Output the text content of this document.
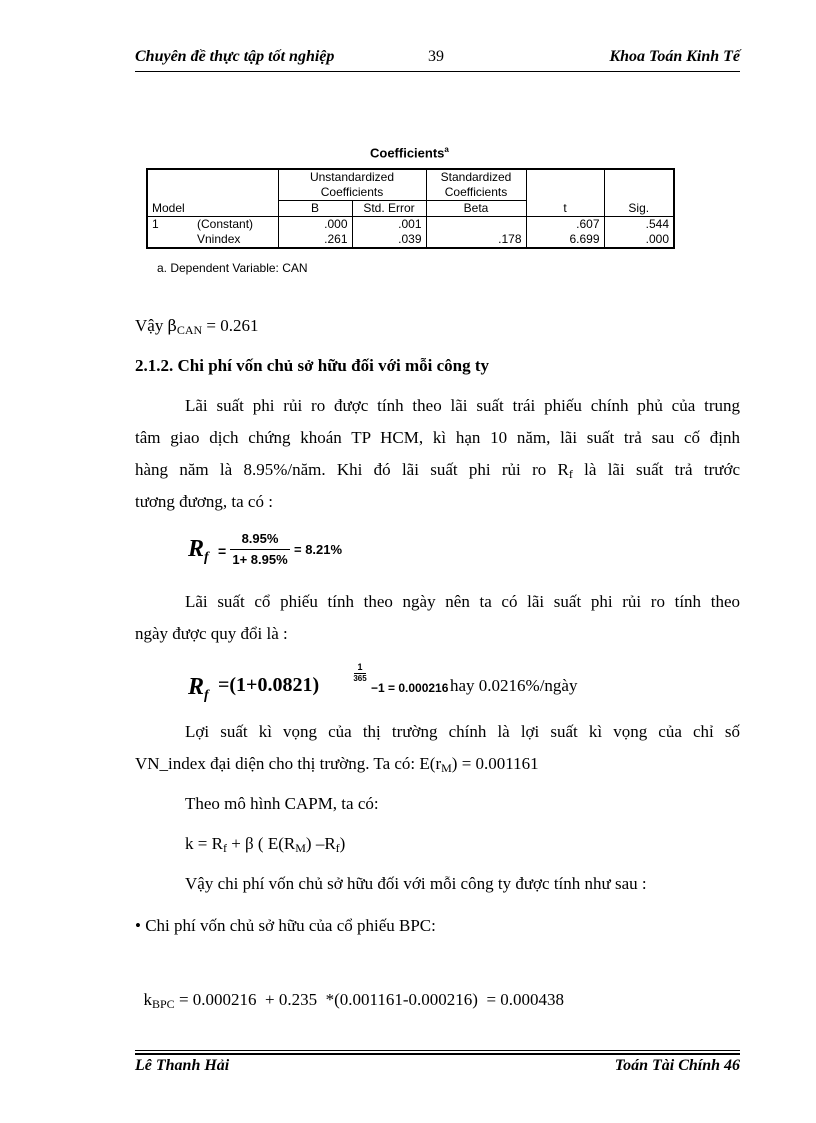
Chuyên đề thực tập tốt nghiệp	39	Khoa Toán Kinh Tế
Coefficients$^a$
		Unstandardized
Coefficients		Standardized
Coefficients		
Model		B	Std. Error	Beta	t	Sig.
1	(Constant)	.000	.001		.607	.544
	Vnindex	.261	.039	.178	6.699	.000
a. Dependent Variable: CAN
Vậy $\beta_{CAN} = 0.261$
2.1.2. Chi phí vốn chủ sở hữu đối với mỗi công ty
Lãi suất phi rủi ro được tính theo lãi suất trái phiếu chính phủ của trung
tâm giao dịch chứng khoán TP HCM, kì hạn 10 năm, lãi suất trả sau cố định
hàng năm là 8.95%/năm. Khi đó lãi suất phi rủi ro $R_f$ là lãi suất trả trước
tương đương, ta có :
$R_f$ =
8.95%
1+ 8.95%
= 8.21%
Lãi suất cổ phiếu tính theo ngày nên ta có lãi suất phi rủi ro tính theo
ngày được quy đổi là :
$R_f =(1+0.0821)$
1
365
−1 = 0.000216 hay 0.0216%/ngày
Lợi suất kì vọng của thị trường chính là lợi suất kì vọng của chỉ số
VN_index đại diện cho thị trường. Ta có: $E(r_M) = 0.001161$
Theo mô hình CAPM, ta có:
$k = R_f + \beta$ ( $E(R_M)$ $-R_f$)
Vậy chi phí vốn chủ sở hữu đối với mỗi công ty được tính như sau :
• Chi phí vốn chủ sở hữu của cổ phiếu BPC:

$k_{BPC} = 0.000216 + 0.235$  *(0.001161-0.000216)  = 0.000438

Lê Thanh Hải	Toán Tài Chính 46
